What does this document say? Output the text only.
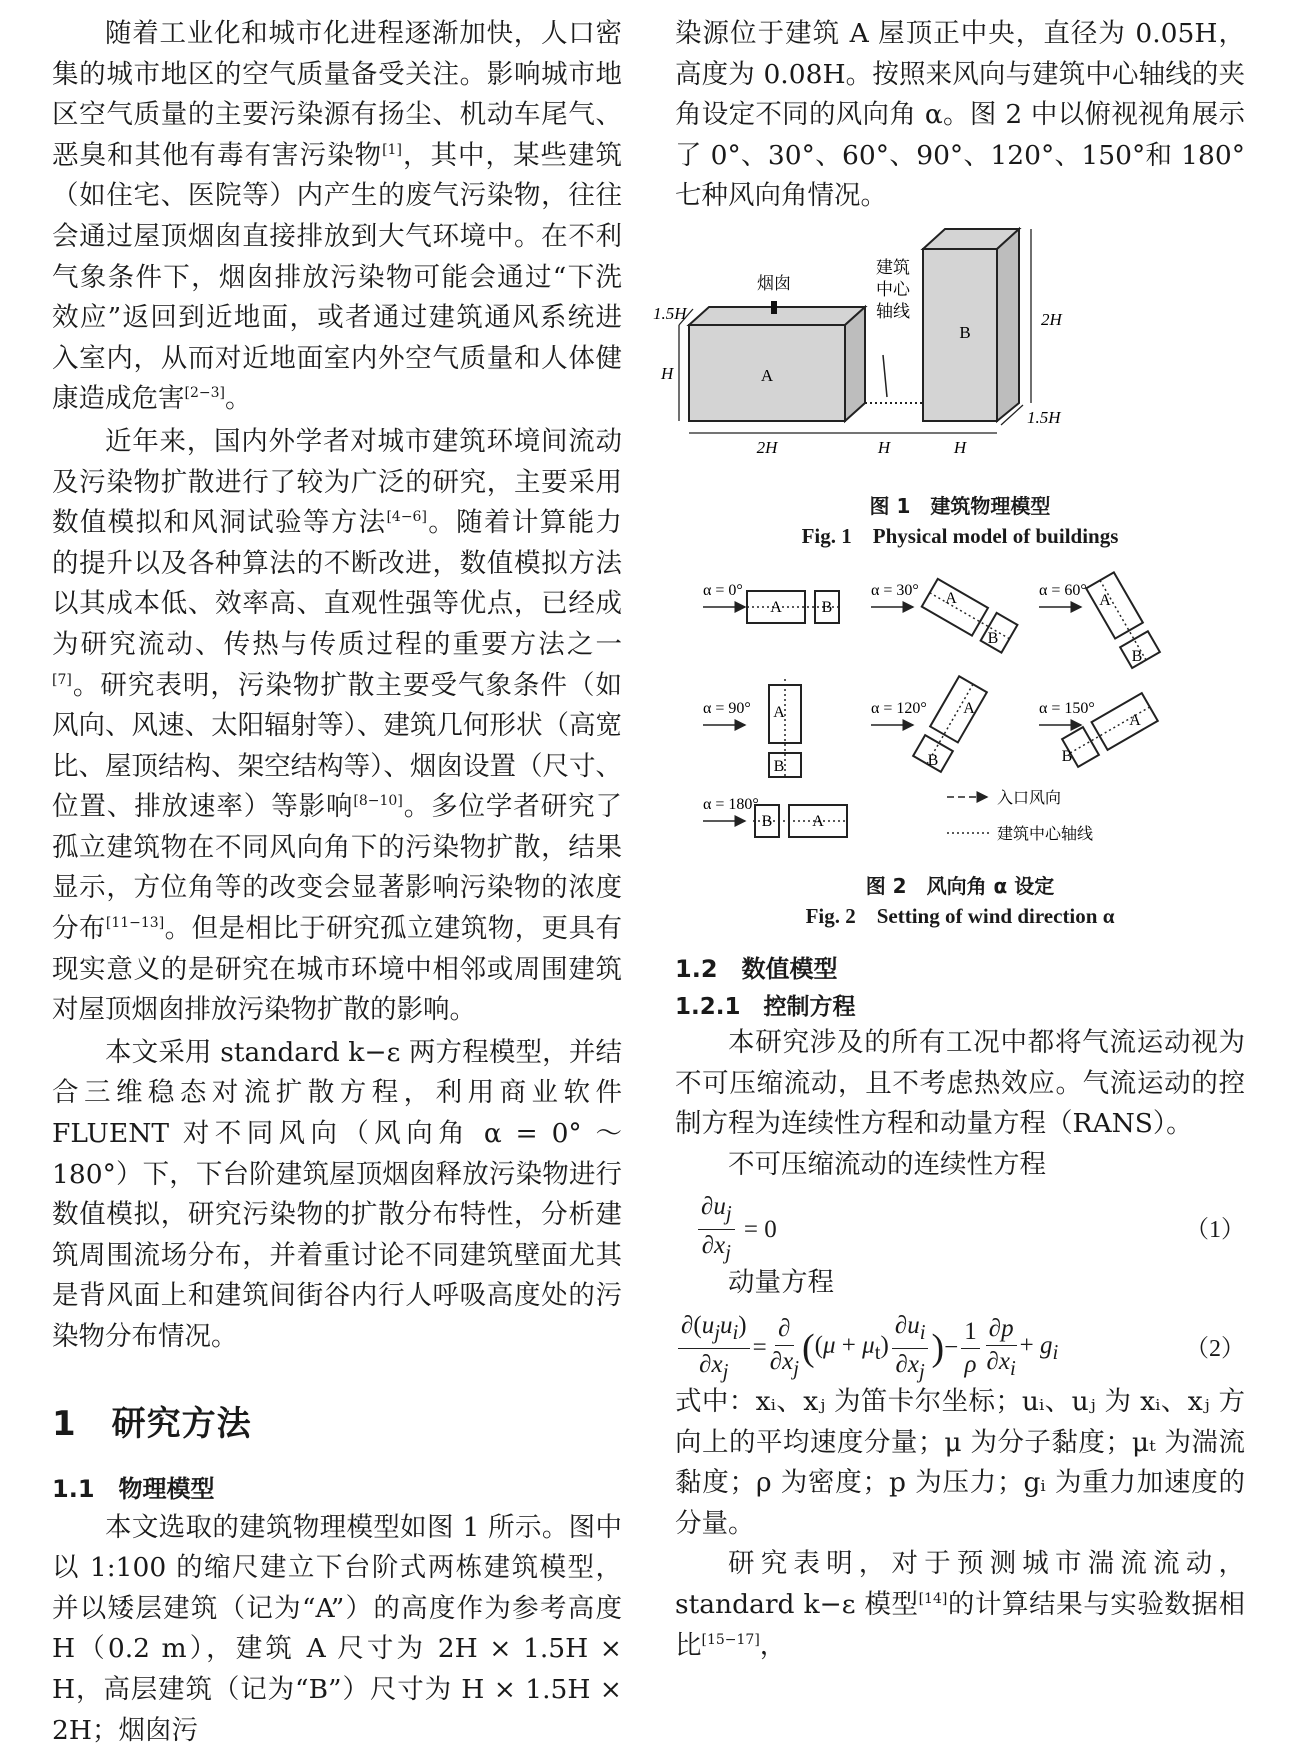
随着工业化和城市化进程逐渐加快，人口密集的城市地区的空气质量备受关注。影响城市地区空气质量的主要污染源有扬尘、机动车尾气、恶臭和其他有毒有害污染物[1]，其中，某些建筑（如住宅、医院等）内产生的废气污染物，往往会通过屋顶烟囱直接排放到大气环境中。在不利气象条件下，烟囱排放污染物可能会通过“下洗效应”返回到近地面，或者通过建筑通风系统进入室内，从而对近地面室内外空气质量和人体健康造成危害[2−3]。

近年来，国内外学者对城市建筑环境间流动及污染物扩散进行了较为广泛的研究，主要采用数值模拟和风洞试验等方法[4−6]。随着计算能力的提升以及各种算法的不断改进，数值模拟方法以其成本低、效率高、直观性强等优点，已经成为研究流动、传热与传质过程的重要方法之一[7]。研究表明，污染物扩散主要受气象条件（如风向、风速、太阳辐射等）、建筑几何形状（高宽比、屋顶结构、架空结构等）、烟囱设置（尺寸、位置、排放速率）等影响[8−10]。多位学者研究了孤立建筑物在不同风向角下的污染物扩散，结果显示，方位角等的改变会显著影响污染物的浓度分布[11−13]。但是相比于研究孤立建筑物，更具有现实意义的是研究在城市环境中相邻或周围建筑对屋顶烟囱排放污染物扩散的影响。

本文采用 standard k−ε 两方程模型，并结合三维稳态对流扩散方程，利用商业软件 FLUENT 对不同风向（风向角 α = 0° ～ 180°）下，下台阶建筑屋顶烟囱释放污染物进行数值模拟，研究污染物的扩散分布特性，分析建筑周围流场分布，并着重讨论不同建筑壁面尤其是背风面上和建筑间街谷内行人呼吸高度处的污染物分布情况。

1　研究方法
1.1　物理模型

本文选取的建筑物理模型如图 1 所示。图中以 1:100 的缩尺建立下台阶式两栋建筑模型，并以矮层建筑（记为“A”）的高度作为参考高度 H（0.2 m），建筑 A 尺寸为 2H × 1.5H × H，高层建筑（记为“B”）尺寸为 H × 1.5H × 2H；烟囱污

染源位于建筑 A 屋顶正中央，直径为 0.05H，高度为 0.08H。按照来风向与建筑中心轴线的夹角设定不同的风向角 α。图 2 中以俯视视角展示了 0°、30°、60°、90°、120°、150°和 180°七种风向角情况。

烟囱
A
B
建筑
中心
轴线
1.5H
H
2H	H	H
2H
1.5H

图 1　建筑物理模型

Fig. 1　Physical model of buildings

α = 0°
A B
α = 30° A
B
α = 60°
A
B
α = 90° A
B
α = 120° A
B
α = 150°
A
B
α = 180°
B A
入口风向
建筑中心轴线

图 2　风向角 α 设定

Fig. 2　Setting of wind direction α

1.2　数值模型
1.2.1　控制方程

本研究涉及的所有工况中都将气流运动视为不可压缩流动，且不考虑热效应。气流运动的控制方程为连续性方程和动量方程（RANS）。

不可压缩流动的连续性方程

$\frac{\partial u_j}{\partial x_j} = 0$	（1）

动量方程

$\frac{\partial(u_ju_i)}{\partial x_j} = \frac{\partial}{\partial x_j}$ ( $(\mu + \mu_t) \frac{\partial u_i}{\partial x_j}$ ) − $\frac{1}{\rho} \frac{\partial p}{\partial x_i} + g_i$	（2）

式中：xᵢ、xⱼ 为笛卡尔坐标；uᵢ、uⱼ 为 xᵢ、xⱼ 方向上的平均速度分量；μ 为分子黏度；μₜ 为湍流黏度；ρ 为密度；p 为压力；gᵢ 为重力加速度的分量。

研究表明，对于预测城市湍流流动，standard k−ε 模型[14]的计算结果与实验数据相比[15−17]，
